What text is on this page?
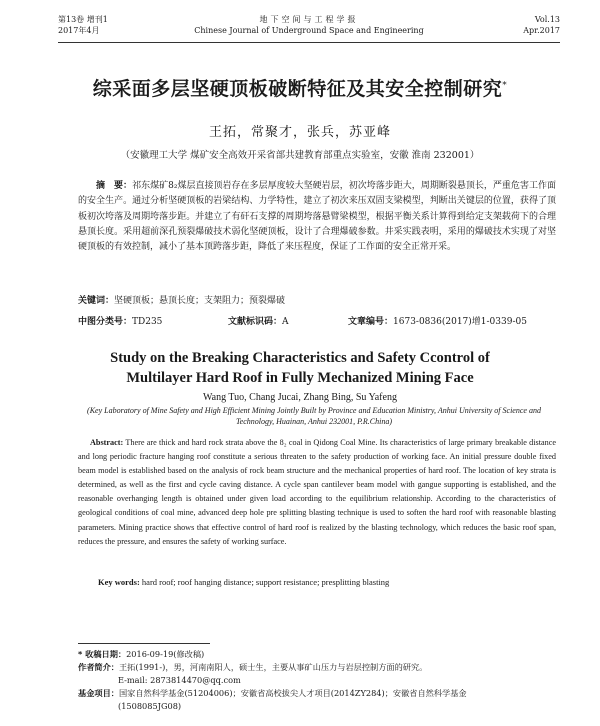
第13卷 增刊1
2017年4月
地下空间与工程学报
Chinese Journal of Underground Space and Engineering
Vol.13
Apr.2017
综采面多层坚硬顶板破断特征及其安全控制研究*
王拓，常聚才，张兵，苏亚峰
（安徽理工大学 煤矿安全高效开采省部共建教育部重点实验室，安徽 淮南 232001）
摘　要：祁东煤矿8₂煤层直接顶岩存在多层厚度较大坚硬岩层，初次垮落步距大，周期断裂悬顶长，严重危害工作面的安全生产。通过分析坚硬顶板的岩梁结构、力学特性，建立了初次来压双固支梁模型，判断出关键层的位置，获得了顶板初次垮落及周期垮落步距。并建立了有矸石支撑的周期垮落悬臂梁模型，根据平衡关系计算得到给定支架载荷下的合理悬顶长度。采用超前深孔预裂爆破技术弱化坚硬顶板，设计了合理爆破参数。井采实践表明，采用的爆破技术实现了对坚硬顶板的有效控制，减小了基本顶跨落步距，降低了来压程度，保证了工作面的安全正常开采。
关键词：坚硬顶板；悬顶长度；支架阻力；预裂爆破
中图分类号：TD235	文献标识码：A	文章编号：1673-0836(2017)增1-0339-05
Study on the Breaking Characteristics and Safety Ccontrol of
Multilayer Hard Roof in Fully Mechanized Mining Face
Wang Tuo, Chang Jucai, Zhang Bing, Su Yafeng
(Key Laboratory of Mine Safety and High Efficient Mining Jointly Built by Province and Education Ministry, Anhui University of Science and Technology, Huainan, Anhui 232001, P.R.China)
Abstract: There are thick and hard rock strata above the 8₂ coal in Qidong Coal Mine. Its characteristics of large primary breakable distance and long periodic fracture hanging roof constitute a serious threaten to the safety production of working face. An initial pressure double fixed beam model is established based on the analysis of rock beam structure and the mechanical properties of hard roof. The location of key strata is determined, as well as the first and cycle caving distance. A cycle span cantilever beam model with gangue supporting is established, and the reasonable overhanging length is obtained under given load according to the equilibrium relationship. According to the characteristics of geological conditions of coal mine, advanced deep hole pre splitting blasting technique is used to soften the hard roof with reasonable blasting parameters. Mining practice shows that effective control of hard roof is realized by the blasting technology, which reduces the basic roof span, reduces the pressure, and ensures the safety of working surface.
Key words: hard roof; roof hanging distance; support resistance; presplitting blasting
* 收稿日期：2016-09-19(修改稿)
作者简介：王拓(1991-)，男，河南南阳人，硕士生，主要从事矿山压力与岩层控制方面的研究。
E-mail: 2873814470@qq.com
基金项目：国家自然科学基金(51204006)；安徽省高校拔尖人才项目(2014ZY284)；安徽省自然科学基金
(1508085JG08)
